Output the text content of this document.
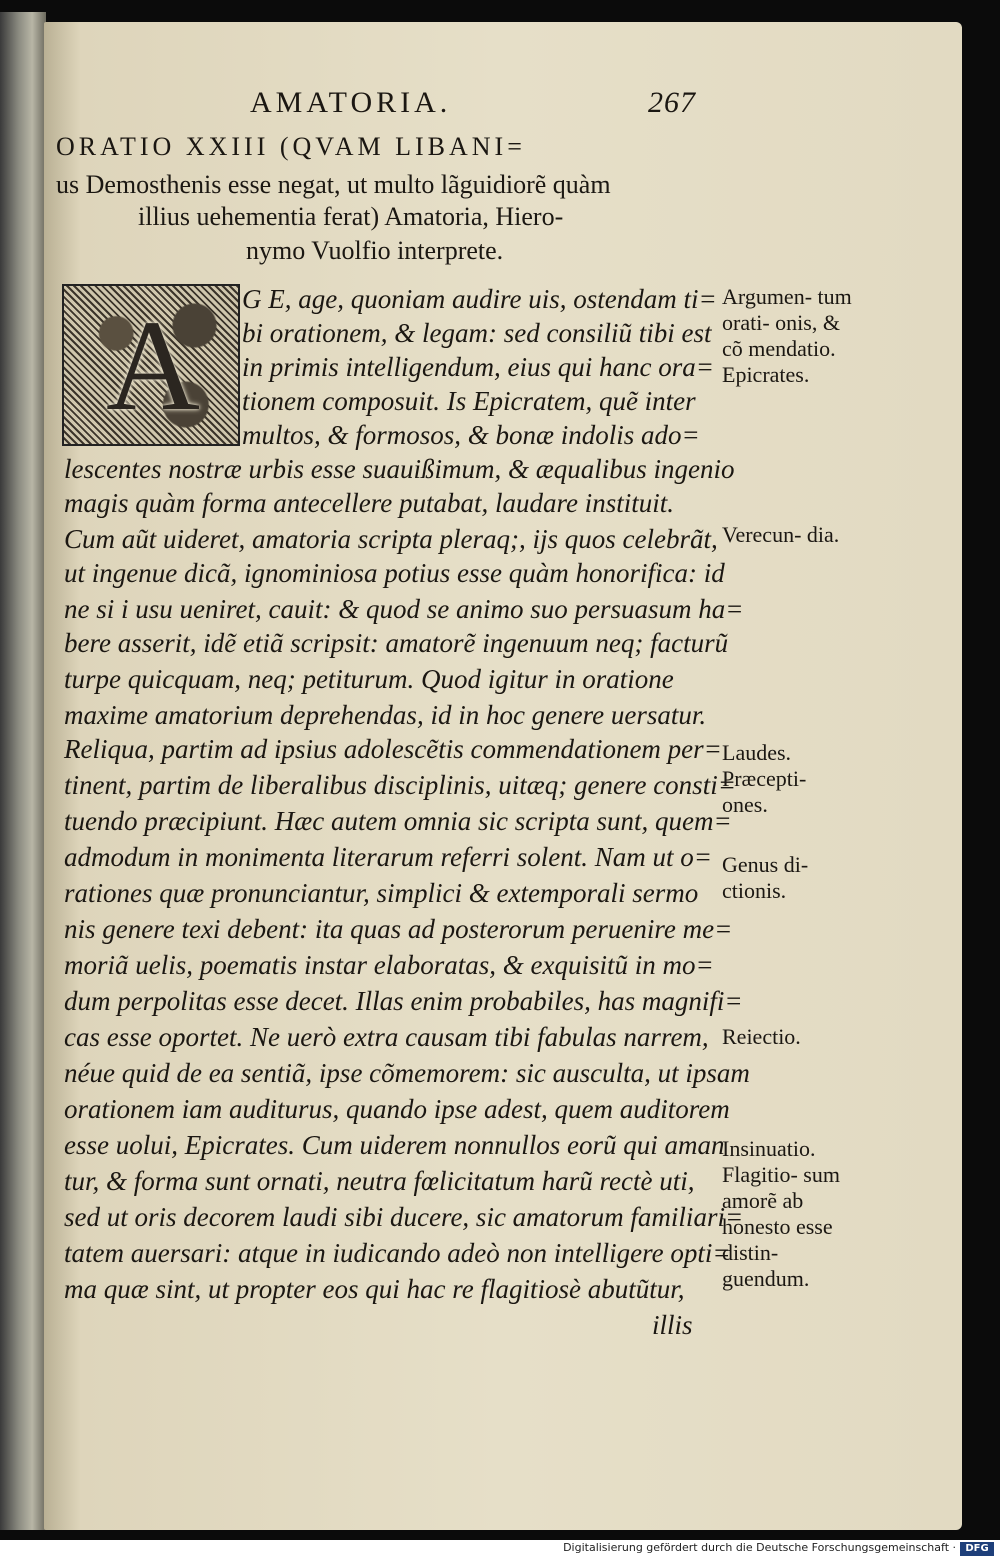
AMATORIA.	267
ORATIO XXIII (QVAM LIBANI=
us Demosthenis esse negat, ut multo lãguidiorẽ quàm
illius uehementia ferat) Amatoria, Hiero-
nymo Vuolfio interprete.
Argumen- tum orati- onis, & cõ mendatio. Epicrates.
Verecun- dia.
Laudes. Præcepti- ones.
Genus di- ctionis.
Reiectio.
Insinuatio. Flagitio- sum amorẽ ab honesto esse distin- guendum.
G E, age, quoniam audire uis, ostendam ti=
bi orationem, & legam: sed consiliũ tibi est
in primis intelligendum, eius qui hanc ora=
tionem composuit. Is Epicratem, quẽ inter
multos, & formosos, & bonæ indolis ado=
lescentes nostræ urbis esse suauißimum, & æqualibus ingenio
magis quàm forma antecellere putabat, laudare instituit.
Cum aũt uideret, amatoria scripta pleraq;, ijs quos celebrãt,
ut ingenue dicã, ignominiosa potius esse quàm honorifica: id
ne si i usu ueniret, cauit: & quod se animo suo persuasum ha=
bere asserit, idẽ etiã scripsit: amatorẽ ingenuum neq; facturũ
turpe quicquam, neq; petiturum. Quod igitur in oratione
maxime amatorium deprehendas, id in hoc genere uersatur.
Reliqua, partim ad ipsius adolescẽtis commendationem per=
tinent, partim de liberalibus disciplinis, uitæq; genere consti=
tuendo præcipiunt. Hæc autem omnia sic scripta sunt, quem=
admodum in monimenta literarum referri solent. Nam ut o=
rationes quæ pronunciantur, simplici & extemporali sermo
nis genere texi debent: ita quas ad posterorum peruenire me=
moriã uelis, poematis instar elaboratas, & exquisitũ in mo=
dum perpolitas esse decet. Illas enim probabiles, has magnifi=
cas esse oportet. Ne uerò extra causam tibi fabulas narrem,
néue quid de ea sentiã, ipse cõmemorem: sic ausculta, ut ipsam
orationem iam auditurus, quando ipse adest, quem auditorem
esse uolui, Epicrates. Cum uiderem nonnullos eorũ qui aman
tur, & forma sunt ornati, neutra fœlicitatum harũ rectè uti,
sed ut oris decorem laudi sibi ducere, sic amatorum familiari=
tatem auersari: atque in iudicando adeò non intelligere opti=
ma quæ sint, ut propter eos qui hac re flagitiosè abutũtur,
illis
A
Digitalisierung gefördert durch die Deutsche Forschungsgemeinschaft · DFG
